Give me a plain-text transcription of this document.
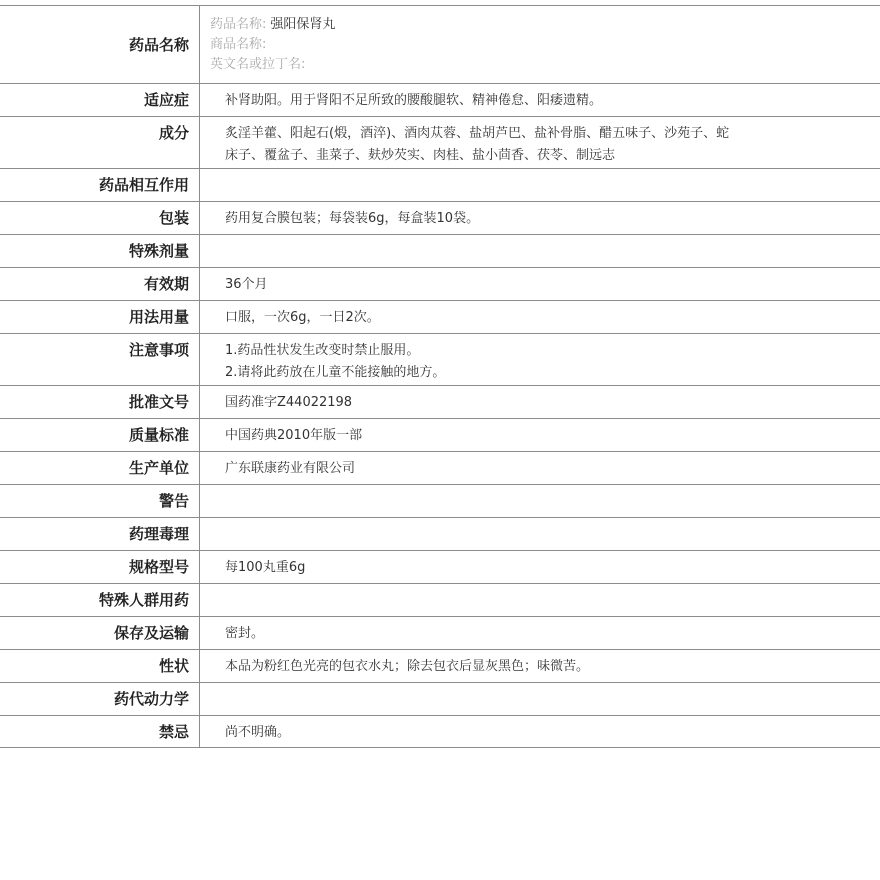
药品名称
药品名称: 强阳保肾丸
商品名称:
英文名或拉丁名:
适应症	补肾助阳。用于肾阳不足所致的腰酸腿软、精神倦怠、阳痿遗精。
成分	炙淫羊藿、阳起石(煅，酒淬)、酒肉苁蓉、盐胡芦巴、盐补骨脂、醋五味子、沙苑子、蛇
床子、覆盆子、韭菜子、麸炒芡实、肉桂、盐小茴香、茯苓、制远志
药品相互作用
包装	药用复合膜包装；每袋装6g，每盒装10袋。
特殊剂量
有效期	36个月
用法用量	口服，一次6g，一日2次。
注意事项	1.药品性状发生改变时禁止服用。
2.请将此药放在儿童不能接触的地方。
批准文号	国药准字Z44022198
质量标准	中国药典2010年版一部
生产单位	广东联康药业有限公司
警告
药理毒理
规格型号	每100丸重6g
特殊人群用药
保存及运输	密封。
性状	本品为粉红色光亮的包衣水丸；除去包衣后显灰黑色；味微苦。
药代动力学
禁忌	尚不明确。
